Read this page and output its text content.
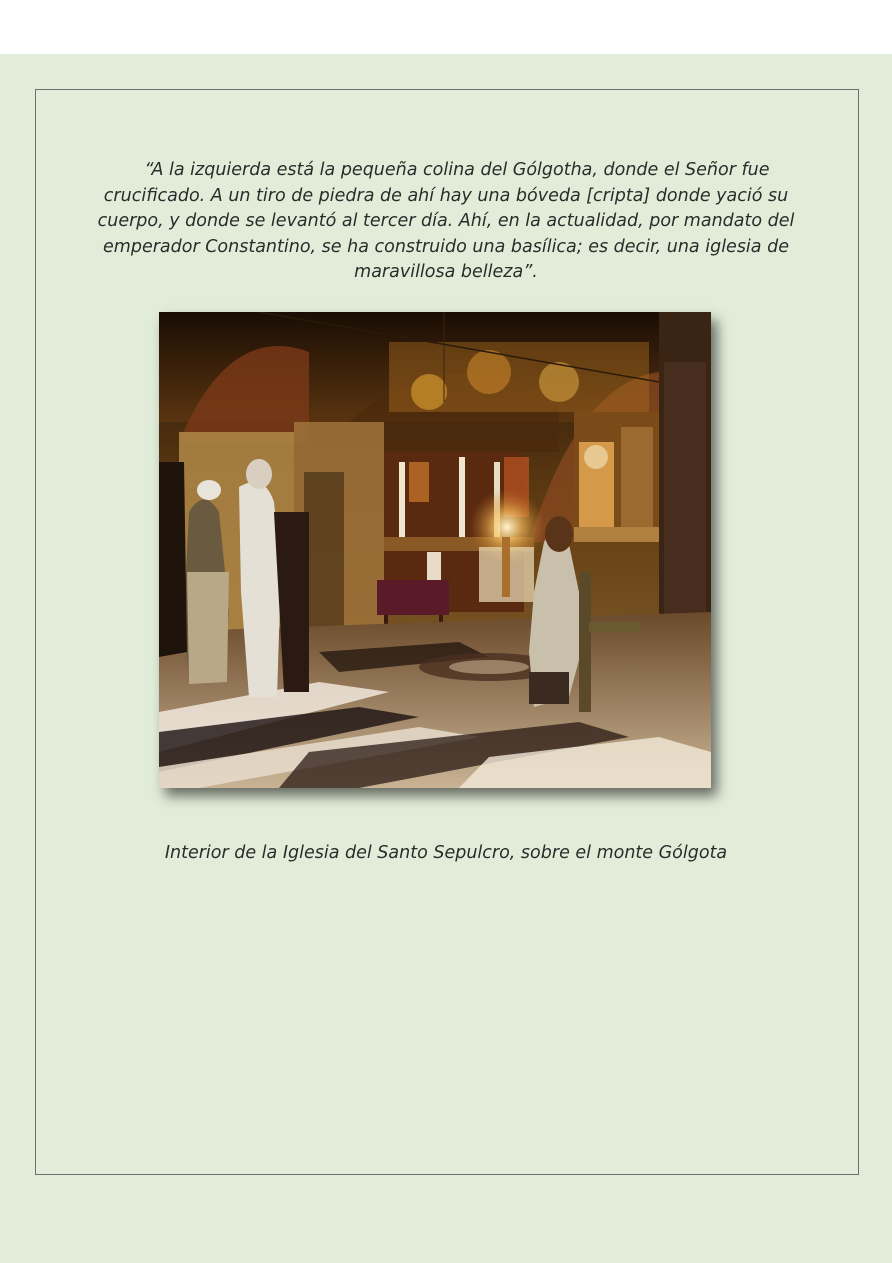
“A la izquierda está la pequeña colina del Gólgotha, donde el Señor fue crucificado. A un tiro de piedra de ahí hay una bóveda [cripta] donde yació su cuerpo, y donde se levantó al tercer día. Ahí, en la actualidad, por mandato del emperador Constantino, se ha construido una basílica; es decir, una iglesia de maravillosa belleza”.

Interior de la Iglesia del Santo Sepulcro, sobre el monte Gólgota
